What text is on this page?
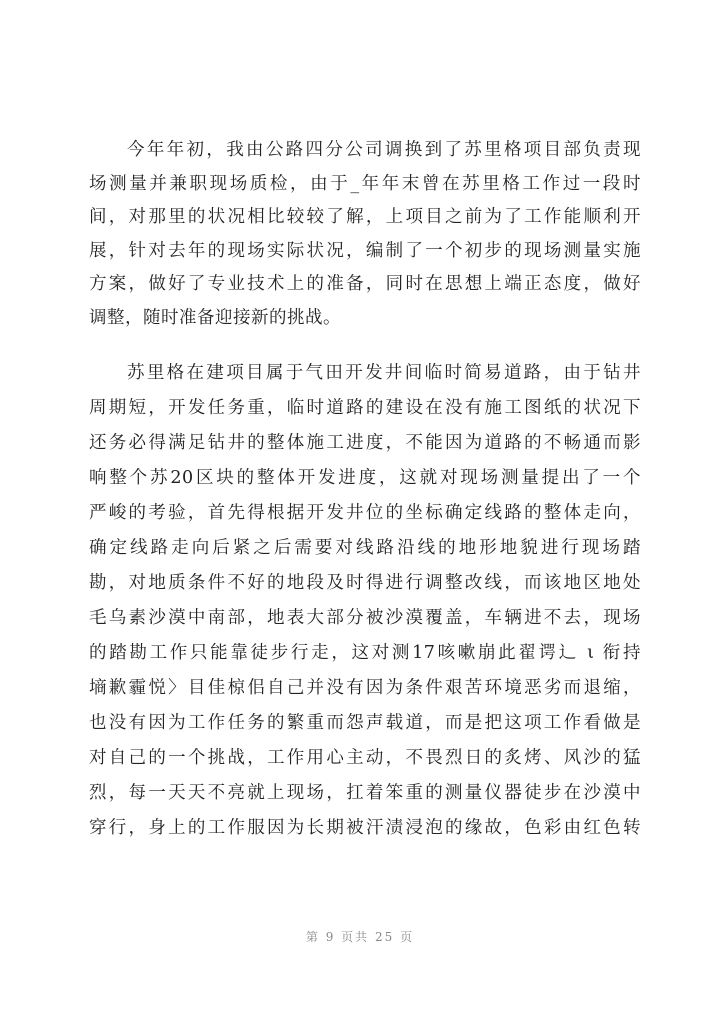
今年年初，我由公路四分公司调换到了苏里格项目部负责现
场测量并兼职现场质检，由于_年年末曾在苏里格工作过一段时
间，对那里的状况相比较较了解，上项目之前为了工作能顺利开
展，针对去年的现场实际状况，编制了一个初步的现场测量实施
方案，做好了专业技术上的准备，同时在思想上端正态度，做好
调整，随时准备迎接新的挑战。
苏里格在建项目属于气田开发井间临时简易道路，由于钻井
周期短，开发任务重，临时道路的建设在没有施工图纸的状况下
还务必得满足钻井的整体施工进度，不能因为道路的不畅通而影
响整个苏20区块的整体开发进度，这就对现场测量提出了一个
严峻的考验，首先得根据开发井位的坐标确定线路的整体走向，
确定线路走向后紧之后需要对线路沿线的地形地貌进行现场踏
勘，对地质条件不好的地段及时得进行调整改线，而该地区地处
毛乌素沙漠中南部，地表大部分被沙漠覆盖，车辆进不去，现场
的踏勘工作只能靠徒步行走，这对测17咳嗽崩此翟谔辶 ι 衔持
墒歉霾悦〉目佳椋佀自己并没有因为条件艰苦环境恶劣而退缩，
也没有因为工作任务的繁重而怨声载道，而是把这项工作看做是
对自己的一个挑战，工作用心主动，不畏烈日的炙烤、风沙的猛
烈，每一天天不亮就上现场，扛着笨重的测量仪器徒步在沙漠中
穿行，身上的工作服因为长期被汗渍浸泡的缘故，色彩由红色转
第 9 页共 25 页
